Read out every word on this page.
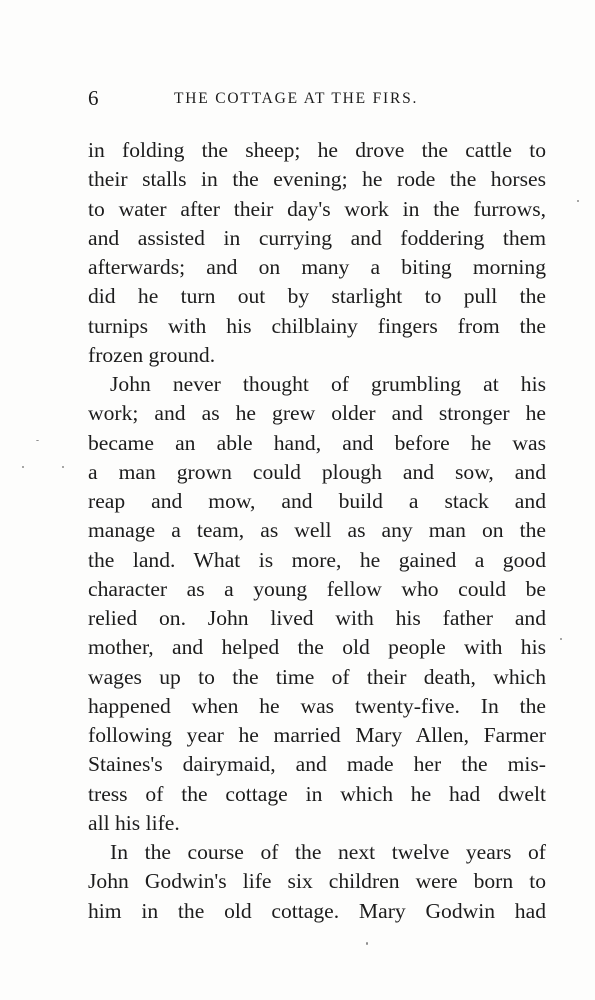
6	THE COTTAGE AT THE FIRS.
in folding the sheep; he drove the cattle to
their stalls in the evening; he rode the horses
to water after their day's work in the furrows,
and assisted in currying and foddering them
afterwards; and on many a biting morning
did he turn out by starlight to pull the
turnips with his chilblainy fingers from the
frozen ground.
John never thought of grumbling at his
work; and as he grew older and stronger he
became an able hand, and before he was
a man grown could plough and sow, and
reap and mow, and build a stack and
manage a team, as well as any man on the
the land. What is more, he gained a good
character as a young fellow who could be
relied on. John lived with his father and
mother, and helped the old people with his
wages up to the time of their death, which
happened when he was twenty-five. In the
following year he married Mary Allen, Farmer
Staines's dairymaid, and made her the mis-
tress of the cottage in which he had dwelt
all his life.
In the course of the next twelve years of
John Godwin's life six children were born to
him in the old cottage. Mary Godwin had
